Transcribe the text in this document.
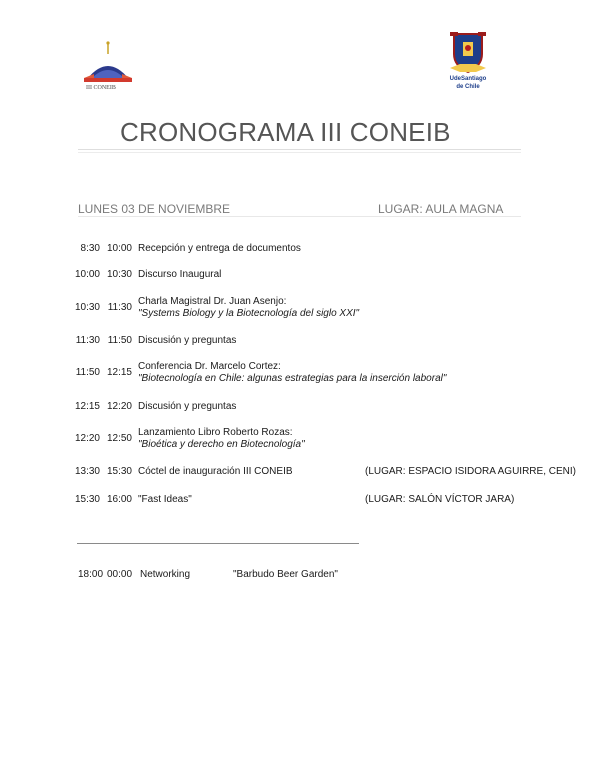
III CONEIB
UdeSantiago
de Chile
CRONOGRAMA III CONEIB
LUNES 03 DE NOVIEMBRE	LUGAR: AULA MAGNA
8:30 10:00 Recepción y entrega de documentos
10:00 10:30 Discurso Inaugural
10:30 11:30
Charla Magistral Dr. Juan Asenjo:
"Systems Biology y la Biotecnología del siglo XXI"
11:30 11:50 Discusión y preguntas
11:50 12:15
Conferencia Dr. Marcelo Cortez:
"Biotecnología en Chile: algunas estrategias para la inserción laboral"
12:15 12:20 Discusión y preguntas
12:20 12:50
Lanzamiento Libro Roberto Rozas:
"Bioética y derecho en Biotecnología"
13:30 15:30 Cóctel de inauguración III CONEIB	(LUGAR: ESPACIO ISIDORA AGUIRRE, CENI)
15:30 16:00 "Fast Ideas"	(LUGAR: SALÓN VÍCTOR JARA)
18:00 00:00 Networking	"Barbudo Beer Garden"
